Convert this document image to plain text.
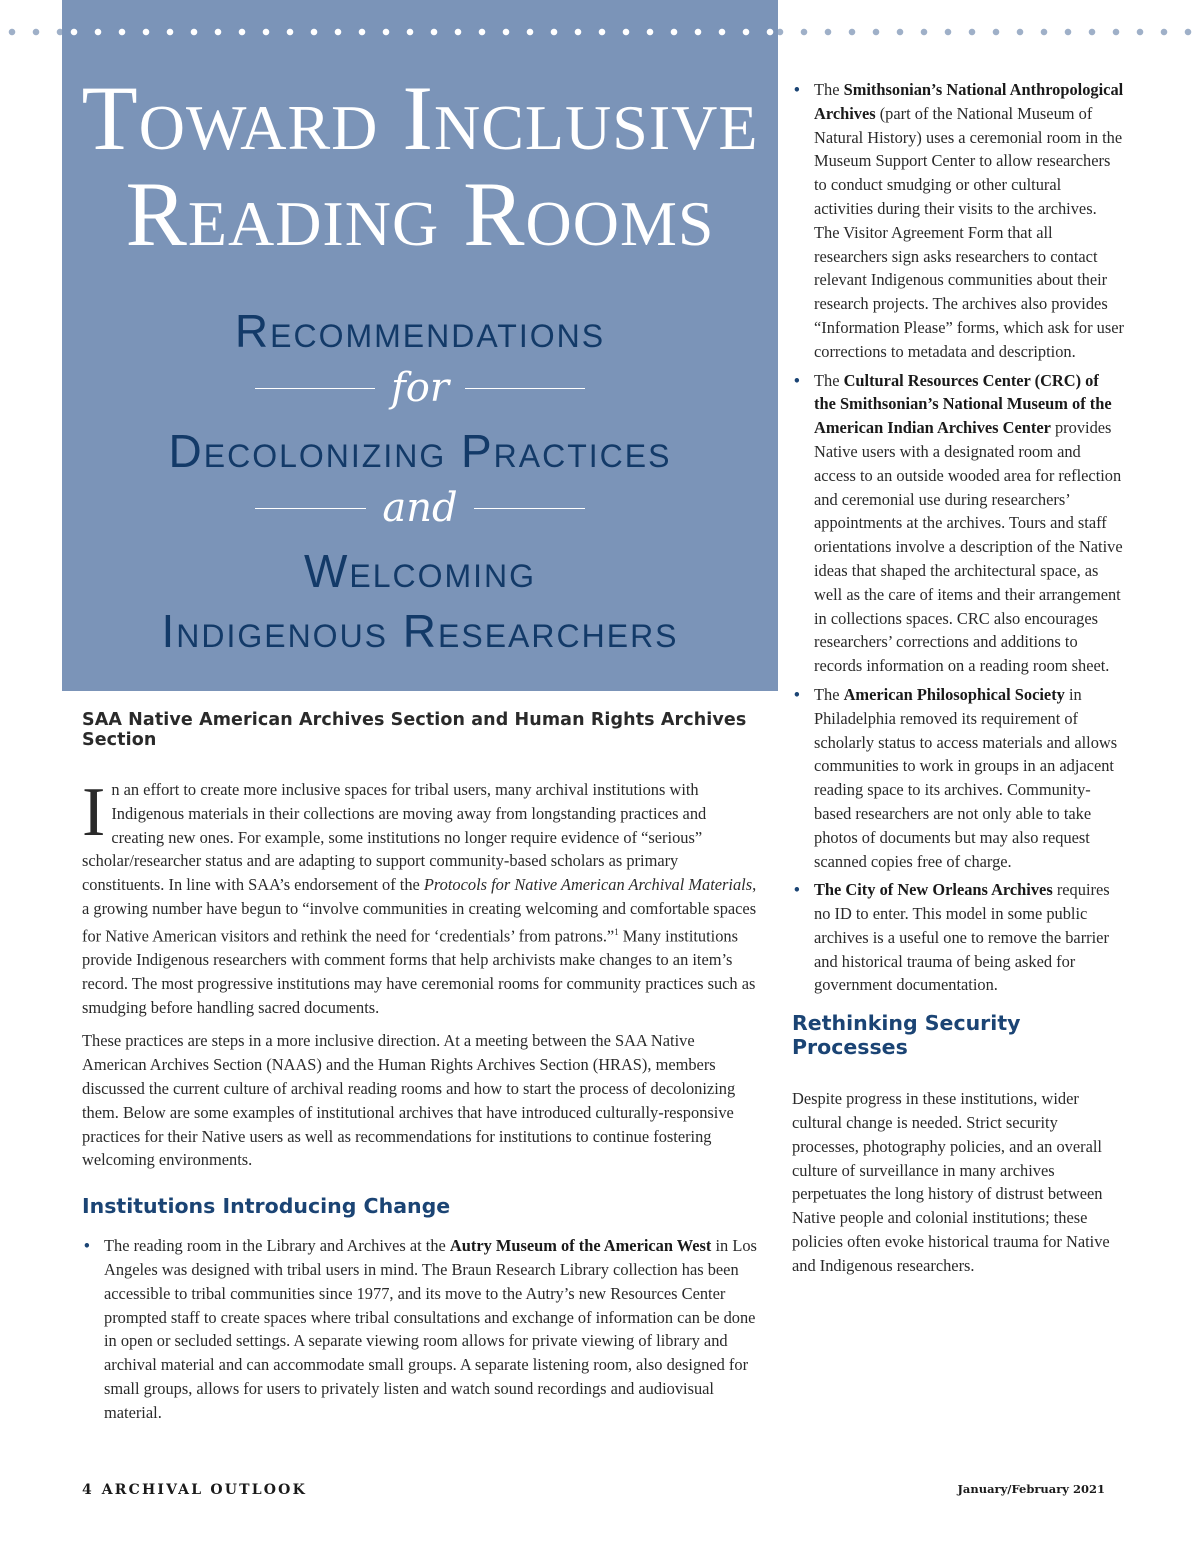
Toward Inclusive
Reading Rooms
Recommendations
for
Decolonizing Practices
and
Welcoming
Indigenous Researchers
SAA Native American Archives Section and Human Rights Archives Section

In an effort to create more inclusive spaces for tribal users, many archival institutions with Indigenous materials in their collections are moving away from longstanding practices and creating new ones. For example, some institutions no longer require evidence of “serious” scholar/researcher status and are adapting to support community-based scholars as primary constituents. In line with SAA’s endorsement of the Protocols for Native American Archival Materials, a growing number have begun to “involve communities in creating welcoming and comfortable spaces for Native American visitors and rethink the need for ‘credentials’ from patrons.”$^1$ Many institutions provide Indigenous researchers with comment forms that help archivists make changes to an item’s record. The most progressive institutions may have ceremonial rooms for community practices such as smudging before handling sacred documents.

These practices are steps in a more inclusive direction. At a meeting between the SAA Native American Archives Section (NAAS) and the Human Rights Archives Section (HRAS), members discussed the current culture of archival reading rooms and how to start the process of decolonizing them. Below are some examples of institutional archives that have introduced culturally-responsive practices for their Native users as well as recommendations for institutions to continue fostering welcoming environments.

Institutions Introducing Change
• The reading room in the Library and Archives at the Autry Museum of the American West in Los Angeles was designed with tribal users in mind. The Braun Research Library collection has been accessible to tribal communities since 1977, and its move to the Autry’s new Resources Center prompted staff to create spaces where tribal consultations and exchange of information can be done in open or secluded settings. A separate viewing room allows for private viewing of library and archival material and can accommodate small groups. A separate listening room, also designed for small groups, allows for users to privately listen and watch sound recordings and audiovisual material.
• The Smithsonian’s National Anthropological Archives (part of the National Museum of Natural History) uses a ceremonial room in the Museum Support Center to allow researchers to conduct smudging or other cultural activities during their visits to the archives. The Visitor Agreement Form that all researchers sign asks researchers to contact relevant Indigenous communities about their research projects. The archives also provides “Information Please” forms, which ask for user corrections to metadata and description.
• The Cultural Resources Center (CRC) of the Smithsonian’s National Museum of the American Indian Archives Center provides Native users with a designated room and access to an outside wooded area for reflection and ceremonial use during researchers’ appointments at the archives. Tours and staff orientations involve a description of the Native ideas that shaped the architectural space, as well as the care of items and their arrangement in collections spaces. CRC also encourages researchers’ corrections and additions to records information on a reading room sheet.
• The American Philosophical Society in Philadelphia removed its requirement of scholarly status to access materials and allows communities to work in groups in an adjacent reading space to its archives. Community-based researchers are not only able to take photos of documents but may also request scanned copies free of charge.
• The City of New Orleans Archives requires no ID to enter. This model in some public archives is a useful one to remove the barrier and historical trauma of being asked for government documentation.
Rethinking Security Processes

Despite progress in these institutions, wider cultural change is needed. Strict security processes, photography policies, and an overall culture of surveillance in many archives perpetuates the long history of distrust between Native people and colonial institutions; these policies often evoke historical trauma for Native and Indigenous researchers.

4 ARCHIVAL OUTLOOK	January/February 2021
